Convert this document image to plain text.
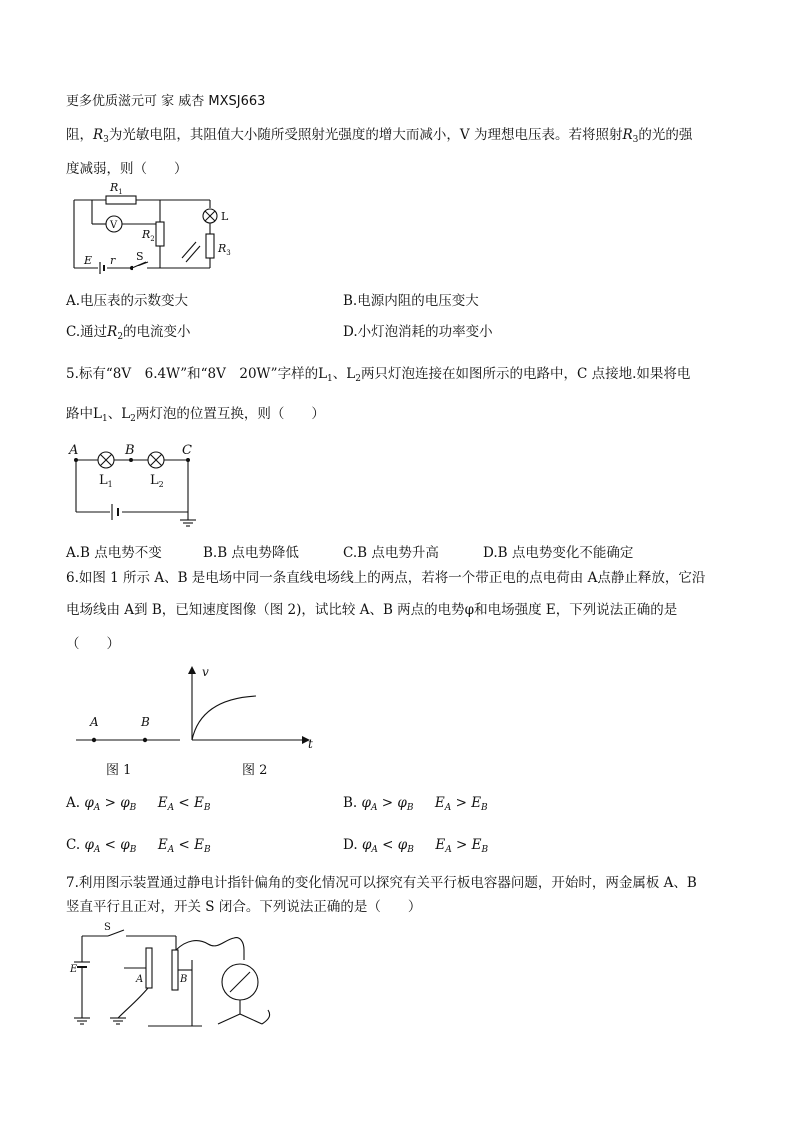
更多优质滋元可 家 威杏 MXSJ663
阻，$R_3$为光敏电阻，其阻值大小随所受照射光强度的增大而减小，V 为理想电压表。若将照射$R_3$的光的强
度减弱，则（　　）
$R_1$
V
$R_2$
L
$R_3$
E r S
A.电压表的示数变大	B.电源内阻的电压变大
C.通过$R_2$的电流变小	D.小灯泡消耗的功率变小
5.标有“8V　6.4W”和“8V　20W”字样的$L_1$、$L_2$两只灯泡连接在如图所示的电路中，C 点接地.如果将电
路中$L_1$、$L_2$两灯泡的位置互换，则（　　）
A	B	C
$L_1$	$L_2$
A.B 点电势不变	B.B 点电势降低	C.B 点电势升高	D.B 点电势变化不能确定
6.如图 1 所示 A、B 是电场中同一条直线电场线上的两点，若将一个带正电的点电荷由 A点静止释放，它沿
电场线由 A到 B，已知速度图像（图 2)，试比较 A、B 两点的电势φ和电场强度 E，下列说法正确的是
（　　）
A	B
v
t
图 1	图 2
A. $\varphi_A > \varphi_B$ $E_A < E_B$	B. $\varphi_A > \varphi_B$ $E_A > E_B$
C. $\varphi_A < \varphi_B$ $E_A < E_B$	D. $\varphi_A < \varphi_B$ $E_A > E_B$
7.利用图示装置通过静电计指针偏角的变化情况可以探究有关平行板电容器问题，开始时，两金属板 A、B
竖直平行且正对，开关 S 闭合。下列说法正确的是（　　）
S
E
A	B
